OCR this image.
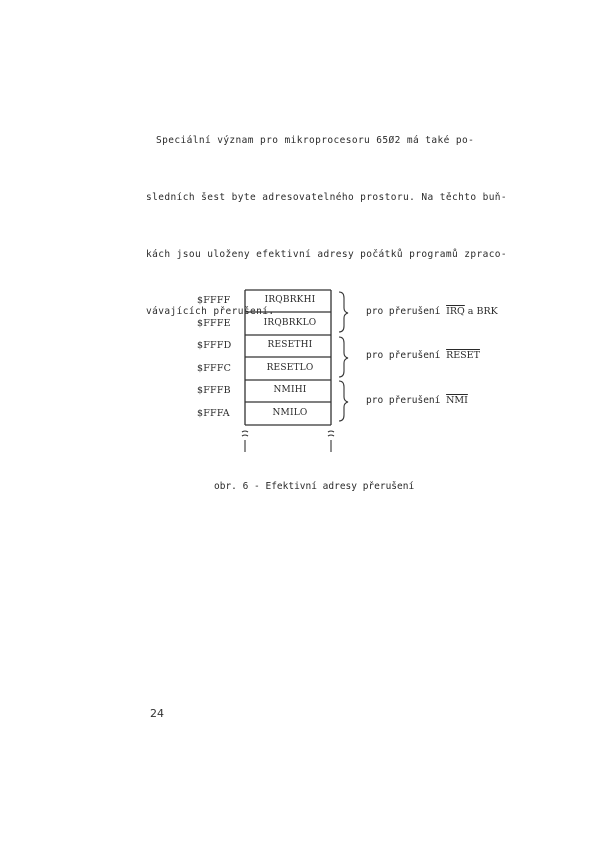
Speciální význam pro mikroprocesoru 65Ø2 má také po-

sledních šest byte adresovatelného prostoru. Na těchto buň-

kách jsou uloženy efektivní adresy počátků programů zpraco-

vávajících přerušení.

$FFFF
$FFFE
$FFFD
$FFFC
$FFFB
$FFFA
IRQBRKHI
IRQBRKLO
RESETHI
RESETLO
NMIHI
NMILO
pro přerušení $\overline{IRQ}$ a BRK
pro přerušení RESET
pro přerušení $\overline{NMI}$
obr. 6 - Efektivní adresy přerušení
24
